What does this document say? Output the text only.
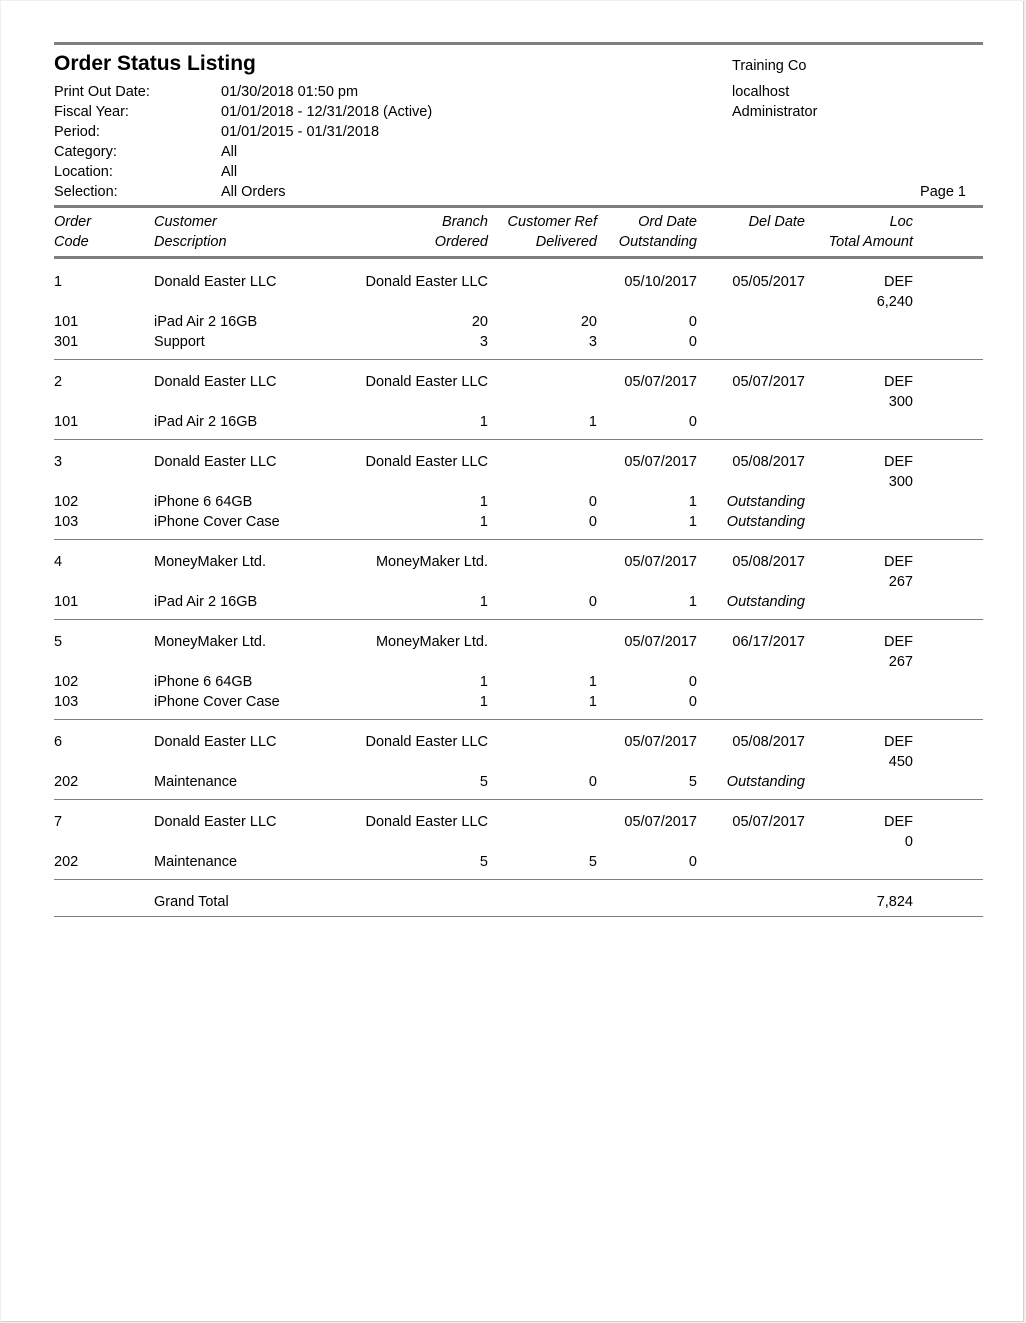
Order Status Listing	Training Co
localhost
Administrator
Page 1
Print Out Date:	01/30/2018 01:50 pm
Fiscal Year:	01/01/2018 - 12/31/2018 (Active)
Period:	01/01/2015 - 01/31/2018
Category:	All
Location:	All
Selection:	All Orders
Order	Customer	Branch	Customer Ref	Ord Date	Del Date	Loc
Code	Description	Ordered	Delivered	Outstanding	Total Amount
1	Donald Easter LLC	Donald Easter LLC	05/10/2017	05/05/2017	DEF
6,240
101	iPad Air 2 16GB	20	20	0
301	Support	3	3	0
2	Donald Easter LLC	Donald Easter LLC	05/07/2017	05/07/2017	DEF
300
101	iPad Air 2 16GB	1	1	0
3	Donald Easter LLC	Donald Easter LLC	05/07/2017	05/08/2017	DEF
300
102	iPhone 6 64GB	1	0	1	Outstanding
103	iPhone Cover Case	1	0	1	Outstanding
4	MoneyMaker Ltd.	MoneyMaker Ltd.	05/07/2017	05/08/2017	DEF
267
101	iPad Air 2 16GB	1	0	1	Outstanding
5	MoneyMaker Ltd.	MoneyMaker Ltd.	05/07/2017	06/17/2017	DEF
267
102	iPhone 6 64GB	1	1	0
103	iPhone Cover Case	1	1	0
6	Donald Easter LLC	Donald Easter LLC	05/07/2017	05/08/2017	DEF
450
202	Maintenance	5	0	5	Outstanding
7	Donald Easter LLC	Donald Easter LLC	05/07/2017	05/07/2017	DEF
0
202	Maintenance	5	5	0
Grand Total	7,824
